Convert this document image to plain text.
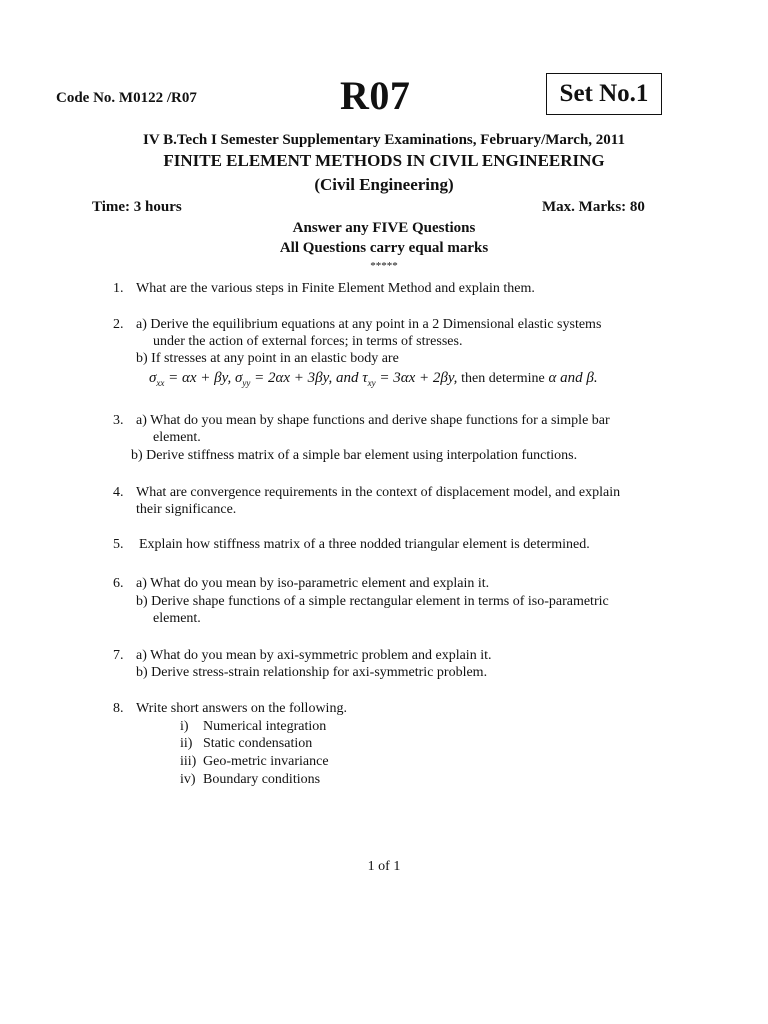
Code No. M0122 /R07	R07	Set No.1
IV B.Tech I Semester Supplementary Examinations, February/March, 2011
FINITE ELEMENT METHODS IN CIVIL ENGINEERING
(Civil Engineering)
Time: 3 hours	Max. Marks: 80
Answer any FIVE Questions
All Questions carry equal marks
*****
1. What are the various steps in Finite Element Method and explain them.
2. a) Derive the equilibrium equations at any point in a 2 Dimensional elastic systems
under the action of external forces; in terms of stresses.
b) If stresses at any point in an elastic body are
$\sigma_{xx} = \alpha x + \beta y$, $\sigma_{yy} = 2\alpha x + 3\beta y$, and $\tau_{xy} = 3\alpha x + 2\beta y$, then determine α and β.
3. a) What do you mean by shape functions and derive shape functions for a simple bar
element.
b) Derive stiffness matrix of a simple bar element using interpolation functions.
4. What are convergence requirements in the context of displacement model, and explain
their significance.
5. Explain how stiffness matrix of a three nodded triangular element is determined.
6. a) What do you mean by iso-parametric element and explain it.
b) Derive shape functions of a simple rectangular element in terms of iso-parametric
element.
7. a) What do you mean by axi-symmetric problem and explain it.
b) Derive stress-strain relationship for axi-symmetric problem.
8. Write short answers on the following.
i) Numerical integration
ii) Static condensation
iii) Geo-metric invariance
iv) Boundary conditions
1 of 1
